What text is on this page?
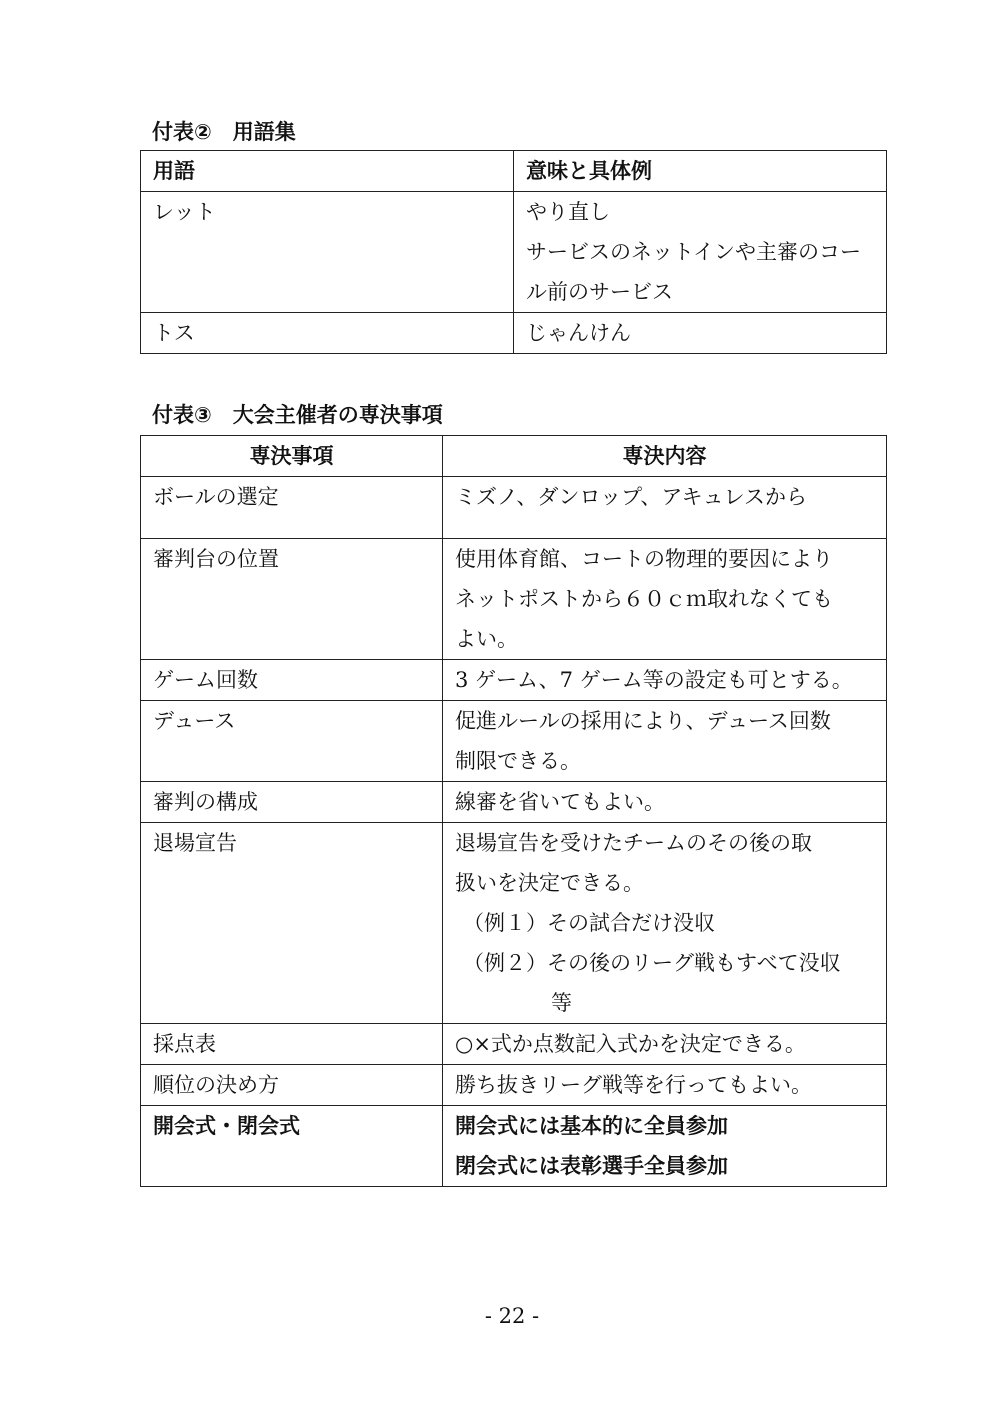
付表②　用語集
用語	意味と具体例
レット	やり直し
サービスのネットインや主審のコー
ル前のサービス

トス	じゃんけん
付表③　大会主催者の専決事項
専決事項	専決内容
ボールの選定	ミズノ、ダンロップ、アキュレスから

審判台の位置	使用体育館、コートの物理的要因により
ネットポストから６０ｃｍ取れなくても
よい。

ゲーム回数	3 ゲーム、7 ゲーム等の設定も可とする。

デュース	促進ルールの採用により、デュース回数
制限できる。

審判の構成	線審を省いてもよい。

退場宣告	退場宣告を受けたチームのその後の取
扱いを決定できる。
（例１）その試合だけ没収
（例２）その後のリーグ戦もすべて没収
等

採点表	○×式か点数記入式かを決定できる。

順位の決め方	勝ち抜きリーグ戦等を行ってもよい。

開会式・閉会式	開会式には基本的に全員参加
閉会式には表彰選手全員参加
- 22 -
